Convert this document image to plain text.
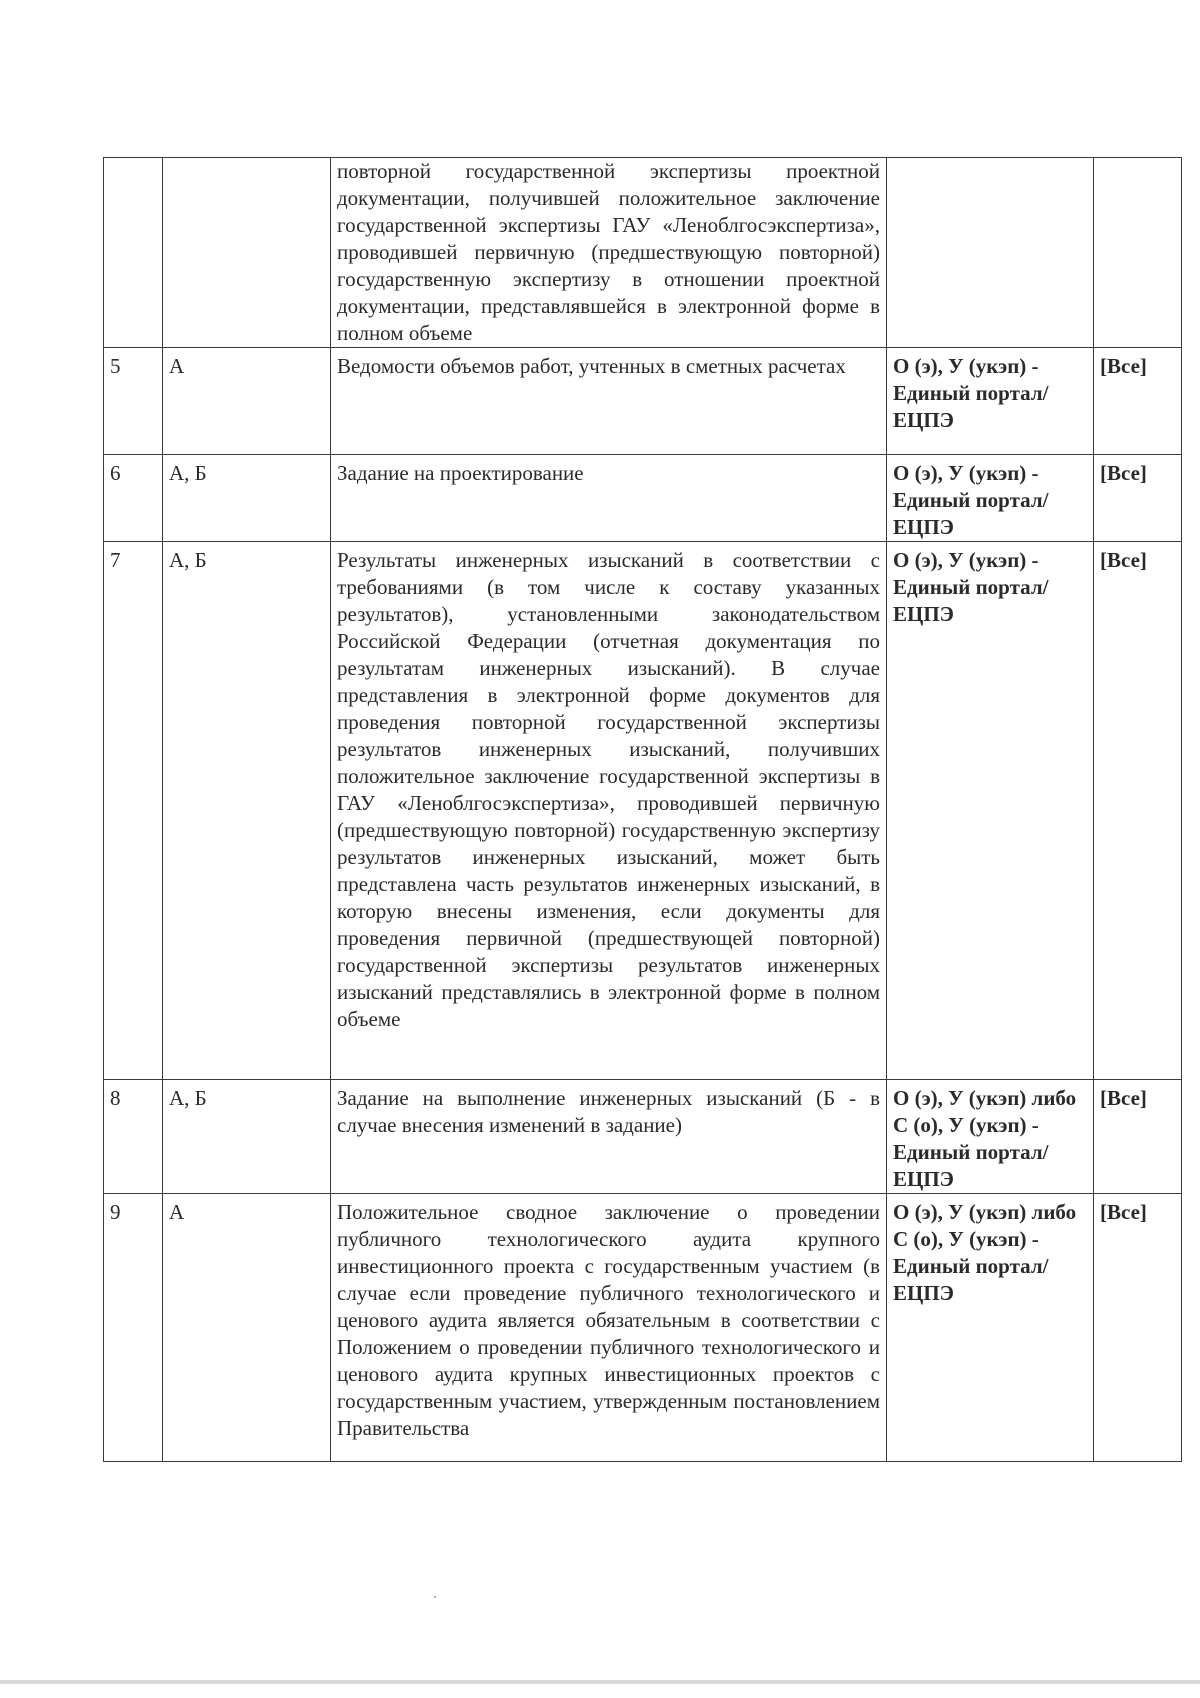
		повторной государственной экспертизы проектной документации, получившей положительное заключение государственной экспертизы ГАУ «Леноблгосэкспертиза», проводившей первичную (предшествующую повторной) государственную экспертизу в отношении проектной документации, представлявшейся в электронной форме в полном объеме		
5	А	Ведомости объемов работ, учтенных в сметных расчетах	О (э), У (укэп) - Единый портал/ЕЦПЭ	[Все]
6	А, Б	Задание на проектирование	О (э), У (укэп) - Единый портал/ЕЦПЭ	[Все]
7	А, Б	Результаты инженерных изысканий в соответствии с требованиями (в том числе к составу указанных результатов), установленными законодательством Российской Федерации (отчетная документация по результатам инженерных изысканий). В случае представления в электронной форме документов для проведения повторной государственной экспертизы результатов инженерных изысканий, получивших положительное заключение государственной экспертизы в ГАУ «Леноблгосэкспертиза», проводившей первичную (предшествующую повторной) государственную экспертизу результатов инженерных изысканий, может быть представлена часть результатов инженерных изысканий, в которую внесены изменения, если документы для проведения первичной (предшествующей повторной) государственной экспертизы результатов инженерных изысканий представлялись в электронной форме в полном объеме	О (э), У (укэп) - Единый портал/ЕЦПЭ	[Все]
8	А, Б	Задание на выполнение инженерных изысканий (Б - в случае внесения изменений в задание)	О (э), У (укэп) либо С (о), У (укэп) - Единый портал/ЕЦПЭ	[Все]
9	А	Положительное сводное заключение о проведении публичного технологического аудита крупного инвестиционного проекта с государственным участием (в случае если проведение публичного технологического и ценового аудита является обязательным в соответствии с Положением о проведении публичного технологического и ценового аудита крупных инвестиционных проектов с государственным участием, утвержденным постановлением Правительства	О (э), У (укэп) либо С (о), У (укэп) - Единый портал/ЕЦПЭ	[Все]
